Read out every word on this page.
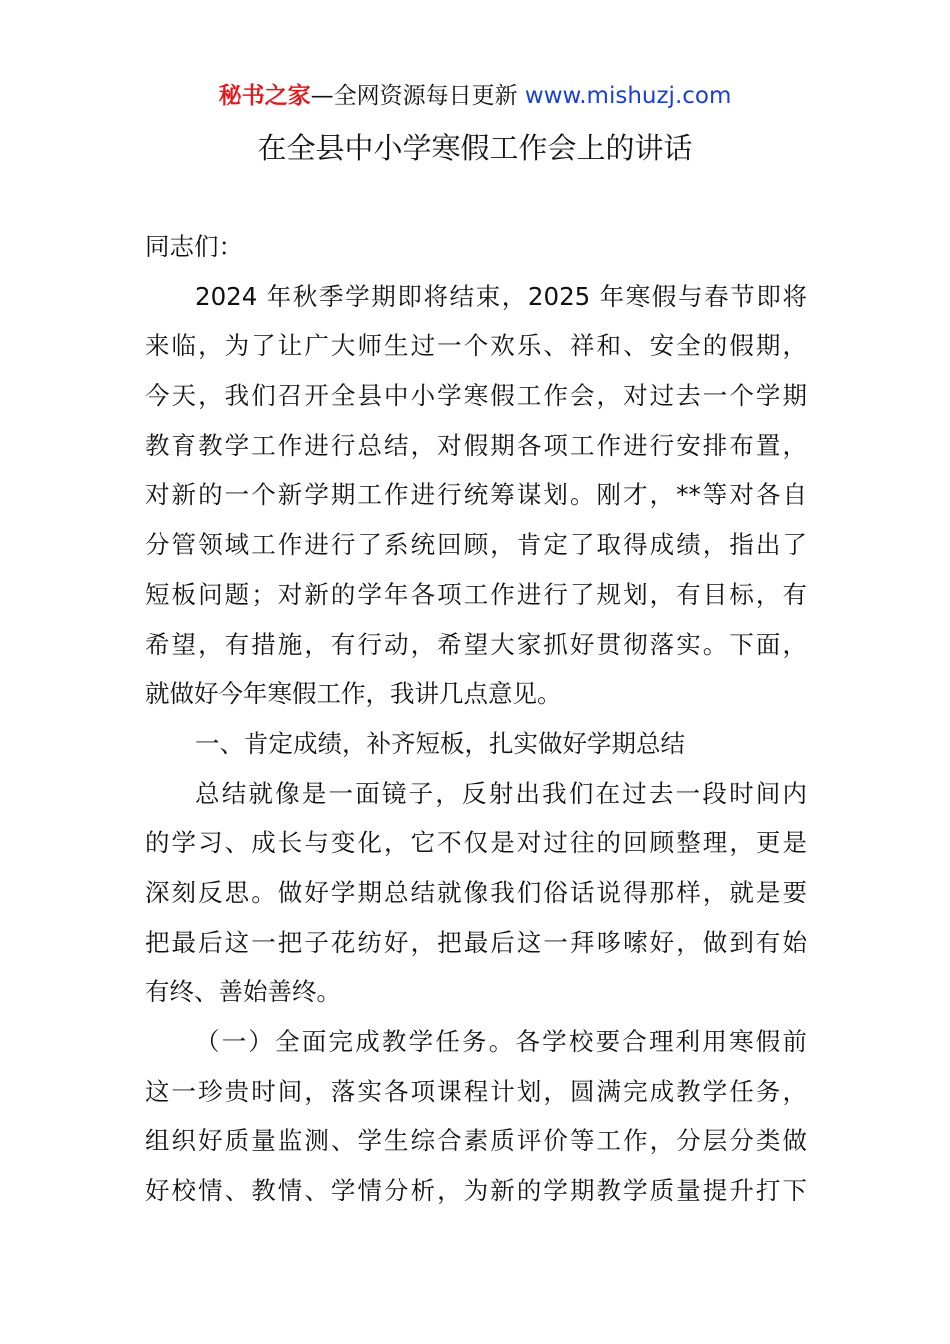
秘书之家—全网资源每日更新 www.mishuzj.com
在全县中小学寒假工作会上的讲话
同志们：
2024 年秋季学期即将结束，2025 年寒假与春节即将
来临，为了让广大师生过一个欢乐、祥和、安全的假期，
今天，我们召开全县中小学寒假工作会，对过去一个学期
教育教学工作进行总结，对假期各项工作进行安排布置，
对新的一个新学期工作进行统筹谋划。刚才，**等对各自
分管领域工作进行了系统回顾，肯定了取得成绩，指出了
短板问题；对新的学年各项工作进行了规划，有目标，有
希望，有措施，有行动，希望大家抓好贯彻落实。下面，
就做好今年寒假工作，我讲几点意见。
一、肯定成绩，补齐短板，扎实做好学期总结
总结就像是一面镜子，反射出我们在过去一段时间内
的学习、成长与变化，它不仅是对过往的回顾整理，更是
深刻反思。做好学期总结就像我们俗话说得那样，就是要
把最后这一把子花纺好，把最后这一拜哆嗦好，做到有始
有终、善始善终。
（一）全面完成教学任务。各学校要合理利用寒假前
这一珍贵时间，落实各项课程计划，圆满完成教学任务，
组织好质量监测、学生综合素质评价等工作，分层分类做
好校情、教情、学情分析，为新的学期教学质量提升打下
